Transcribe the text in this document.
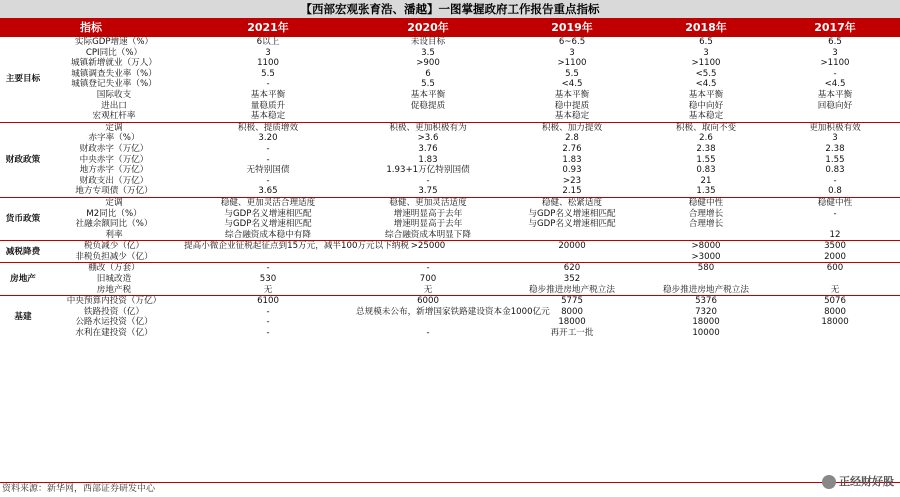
【西部宏观张育浩、潘越】一图掌握政府工作报告重点指标
指标		2021年	2020年	2019年	2018年	2017年
主要目标	实际GDP增速（%）	6以上	未设目标	6~6.5	6.5	6.5
	CPI同比（%）	3	3.5	3	3	3
	城镇新增就业（万人）	1100	>900	>1100	>1100	>1100
	城镇调查失业率（%）	5.5	6	5.5	<5.5	-
	城镇登记失业率（%）	-	5.5	<4.5	<4.5	<4.5
	国际收支	基本平衡	基本平衡	基本平衡	基本平衡	基本平衡
	进出口	量稳质升	促稳提质	稳中提质	稳中向好	回稳向好
	宏观杠杆率	基本稳定		基本稳定	基本稳定	
财政政策	定调	积极、提质增效	积极、更加积极有为	积极、加力提效	积极、取向不变	更加积极有效
	赤字率（%）	3.20	>3.6	2.8	2.6	3
	财政赤字（万亿）	-	3.76	2.76	2.38	2.38
	中央赤字（万亿）	-	1.83	1.83	1.55	1.55
	地方赤字（万亿）	无特别国债	1.93+1万亿特别国债	0.93	0.83	0.83
	财政支出（万亿）	-	-	>23	21	-
	地方专项债（万亿）	3.65	3.75	2.15	1.35	0.8
货币政策	定调	稳健、更加灵活合理适度	稳健、更加灵活适度	稳健、松紧适度	稳健中性	稳健中性
	M2同比（%）	与GDP名义增速相匹配	增速明显高于去年	与GDP名义增速相匹配	合理增长	-
	社融余额同比（%）	与GDP名义增速相匹配	增速明显高于去年	与GDP名义增速相匹配	合理增长	
	利率	综合融资成本稳中有降	综合融资成本明显下降			12
减税降费	税负减少（亿）	提高小微企业征税起征点到15万元，减半100万元以下纳税	>25000	20000	>8000	3500
	非税负担减少（亿）				>3000	2000
房地产	棚改（万套）	-	-	620	580	600
	旧城改造	530	700	352		
	房地产税	无	无	稳步推进房地产税立法	稳步推进房地产税立法	无
基建	中央预算内投资（万亿）	6100	6000	5775	5376	5076
	铁路投资（亿）	-	总规模未公布，新增国家铁路建设资本金1000亿元	8000	7320	8000
	公路水运投资（亿）	-		18000	18000	18000
	水利在建投资（亿）	-	-	再开工一批	10000	
资料来源：新华网，西部证券研发中心
正经财好股
